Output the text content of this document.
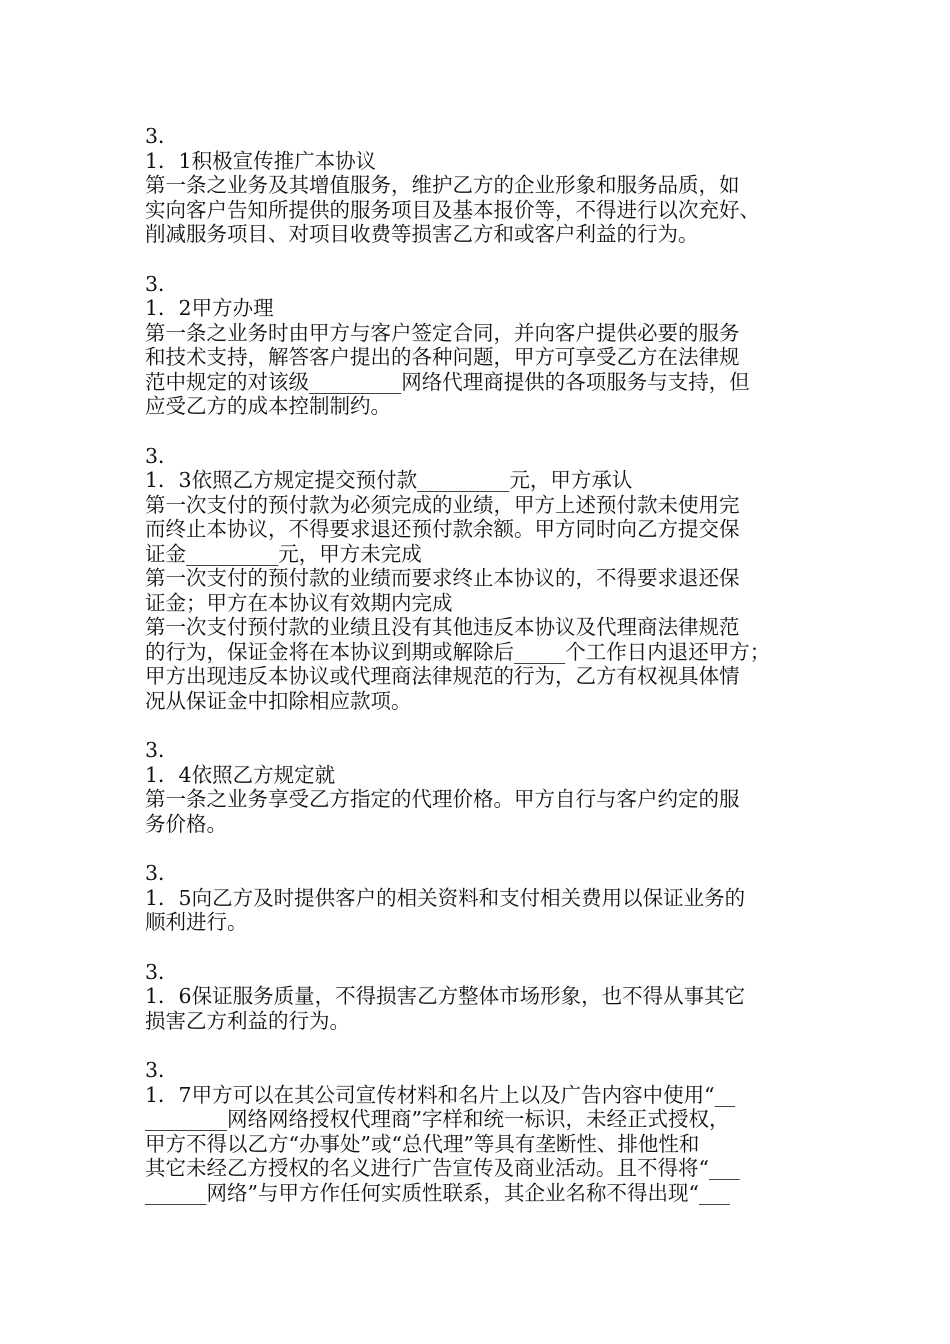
3．
1．1积极宣传推广本协议
第一条之业务及其增值服务，维护乙方的企业形象和服务品质，如
实向客户告知所提供的服务项目及基本报价等，不得进行以次充好、
削减服务项目、对项目收费等损害乙方和或客户利益的行为。
3．
1．2甲方办理
第一条之业务时由甲方与客户签定合同，并向客户提供必要的服务
和技术支持，解答客户提出的各种问题，甲方可享受乙方在法律规
范中规定的对该级_________网络代理商提供的各项服务与支持，但
应受乙方的成本控制制约。
3．
1．3依照乙方规定提交预付款_________元，甲方承认
第一次支付的预付款为必须完成的业绩，甲方上述预付款未使用完
而终止本协议，不得要求退还预付款余额。甲方同时向乙方提交保
证金_________元，甲方未完成
第一次支付的预付款的业绩而要求终止本协议的，不得要求退还保
证金；甲方在本协议有效期内完成
第一次支付预付款的业绩且没有其他违反本协议及代理商法律规范
的行为，保证金将在本协议到期或解除后_____个工作日内退还甲方；
甲方出现违反本协议或代理商法律规范的行为，乙方有权视具体情
况从保证金中扣除相应款项。
3．
1．4依照乙方规定就
第一条之业务享受乙方指定的代理价格。甲方自行与客户约定的服
务价格。
3．
1．5向乙方及时提供客户的相关资料和支付相关费用以保证业务的
顺利进行。
3．
1．6保证服务质量，不得损害乙方整体市场形象，也不得从事其它
损害乙方利益的行为。
3．
1．7甲方可以在其公司宣传材料和名片上以及广告内容中使用“__
________网络网络授权代理商”字样和统一标识，未经正式授权，
甲方不得以乙方“办事处”或“总代理”等具有垄断性、排他性和
其它未经乙方授权的名义进行广告宣传及商业活动。且不得将“___
______网络”与甲方作任何实质性联系，其企业名称不得出现“___
